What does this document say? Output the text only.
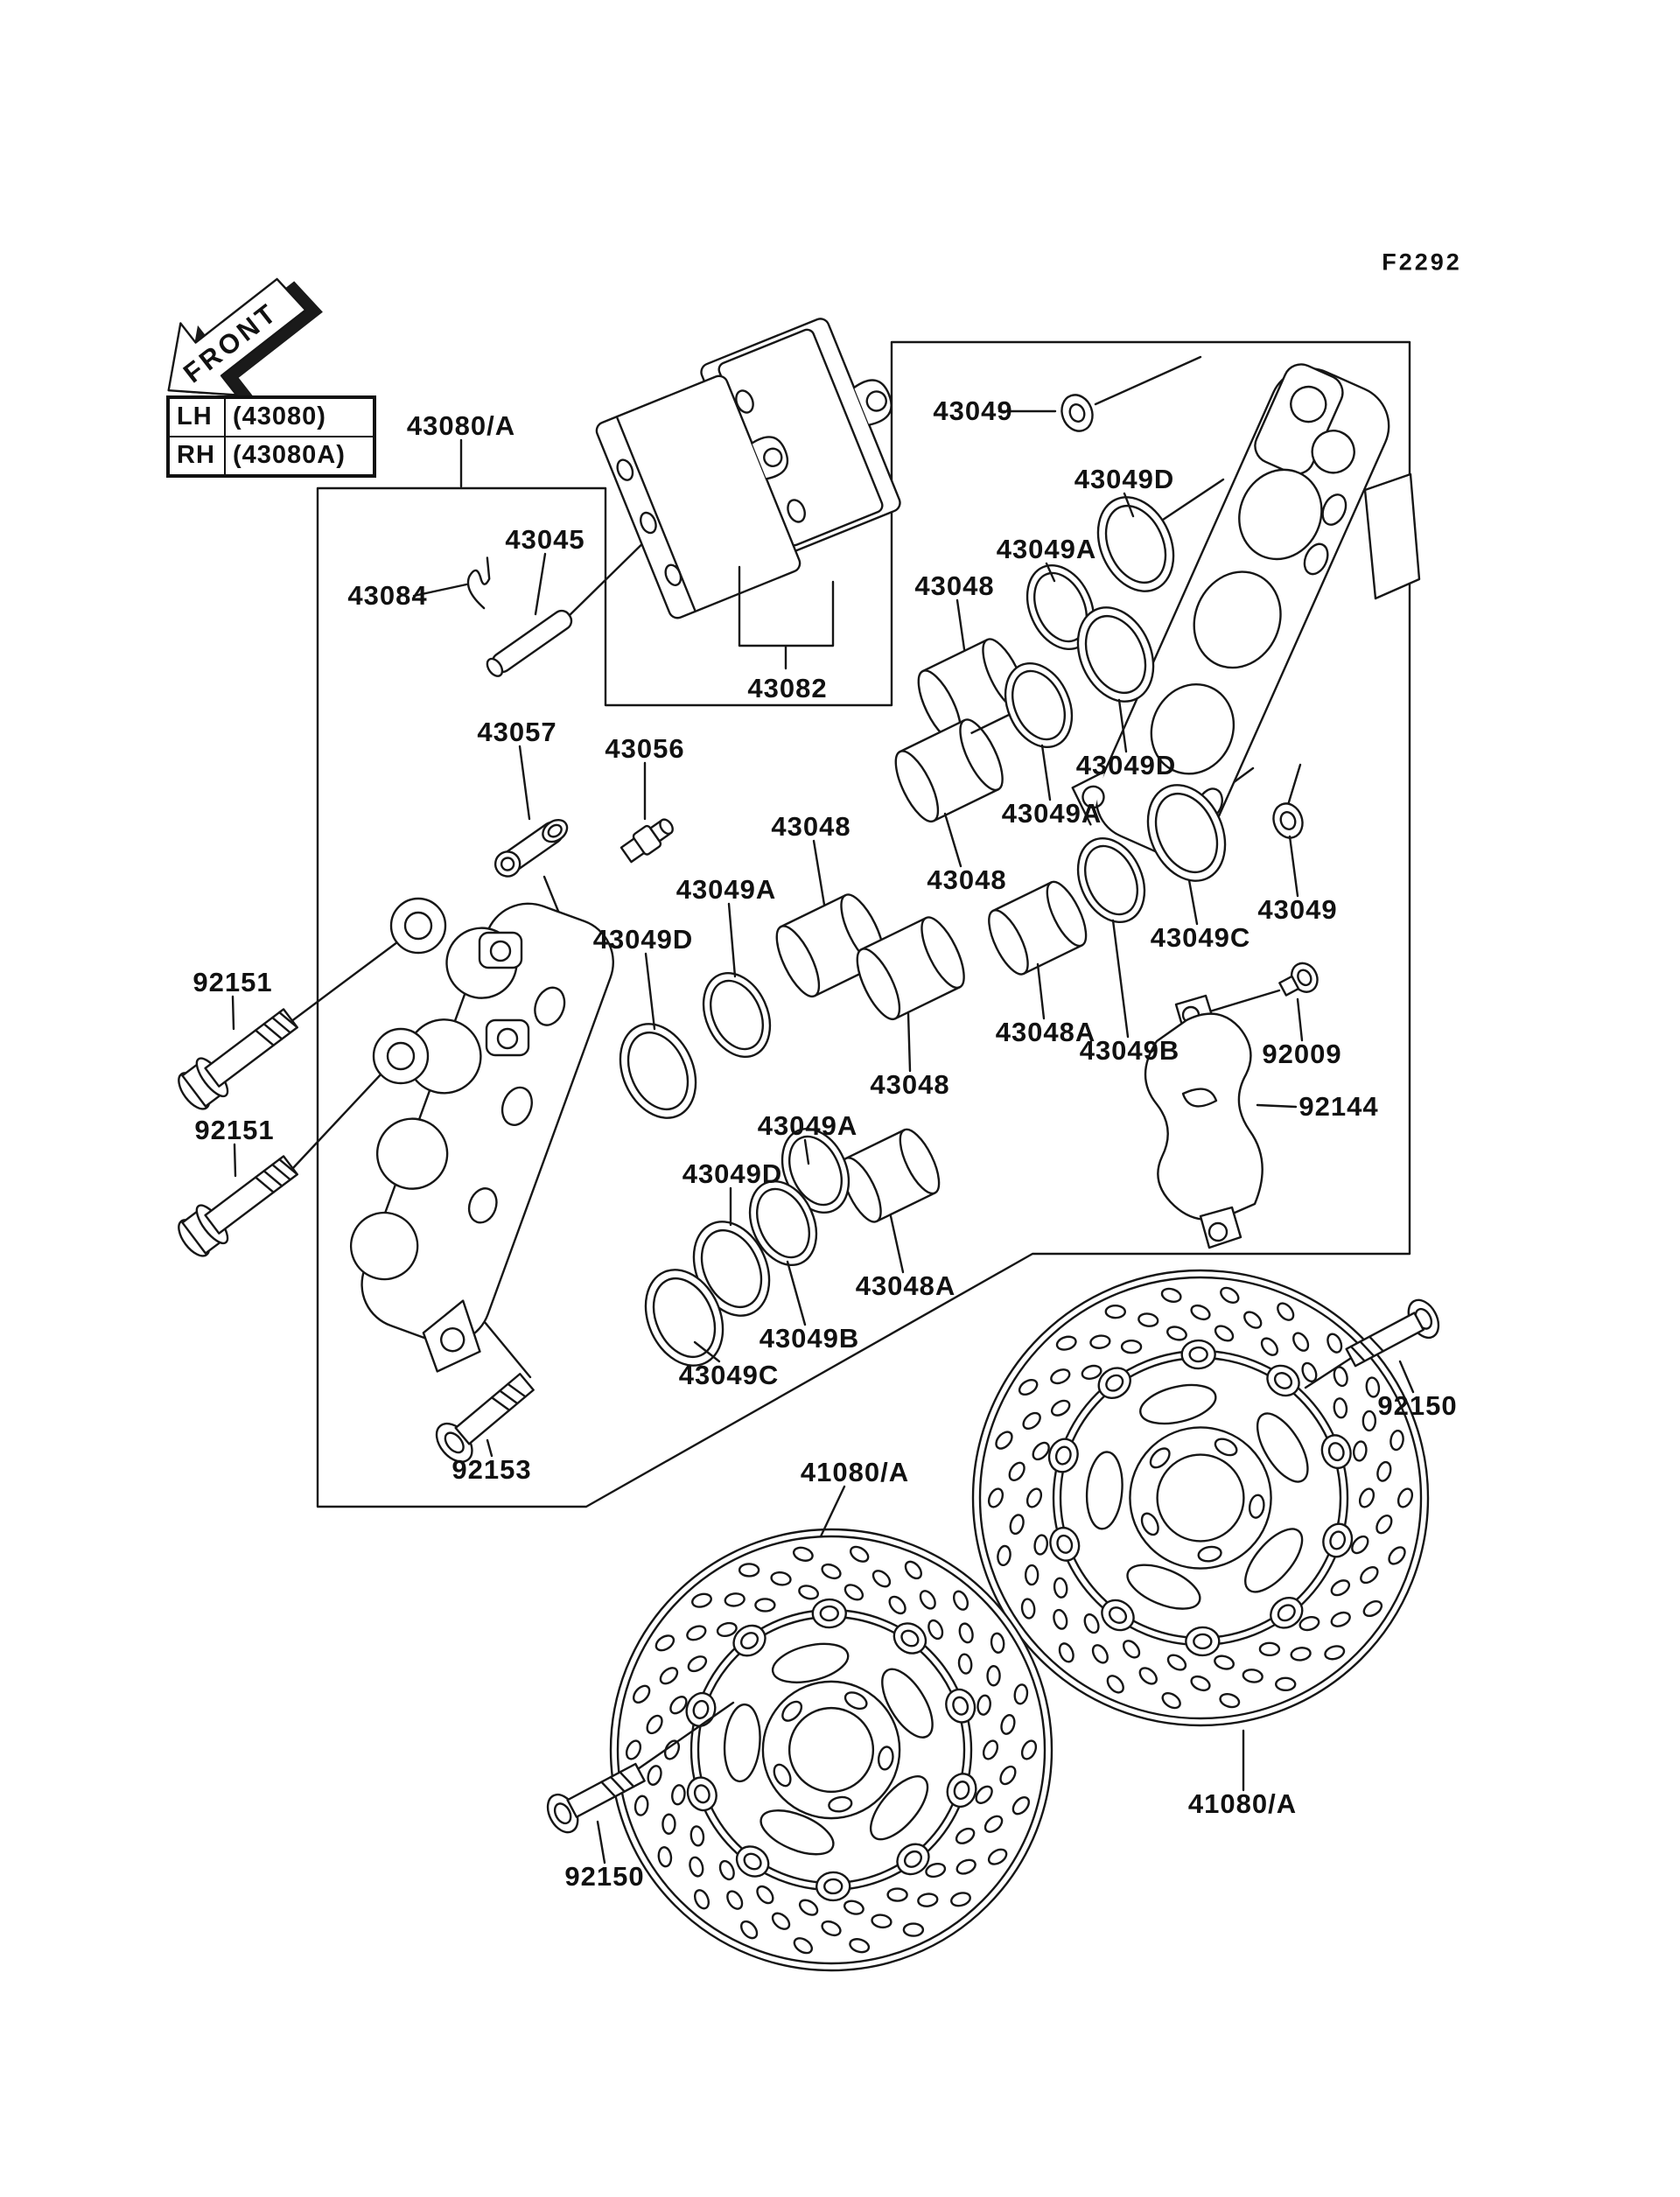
F2292
FRONT
LH (43080)
RH (43080A)
43080/A
43084
43045
43082
43057
43056
43049
43049D
43049A
43048
43048
43049A
43049D
43048
43049D
43049A
43049C
43049B
43049
43048A
43048
43048A
43049A
43049D
43049B
43049C
92151
92151
92009
92144
92153	41080/A
92150
92150
41080/A
